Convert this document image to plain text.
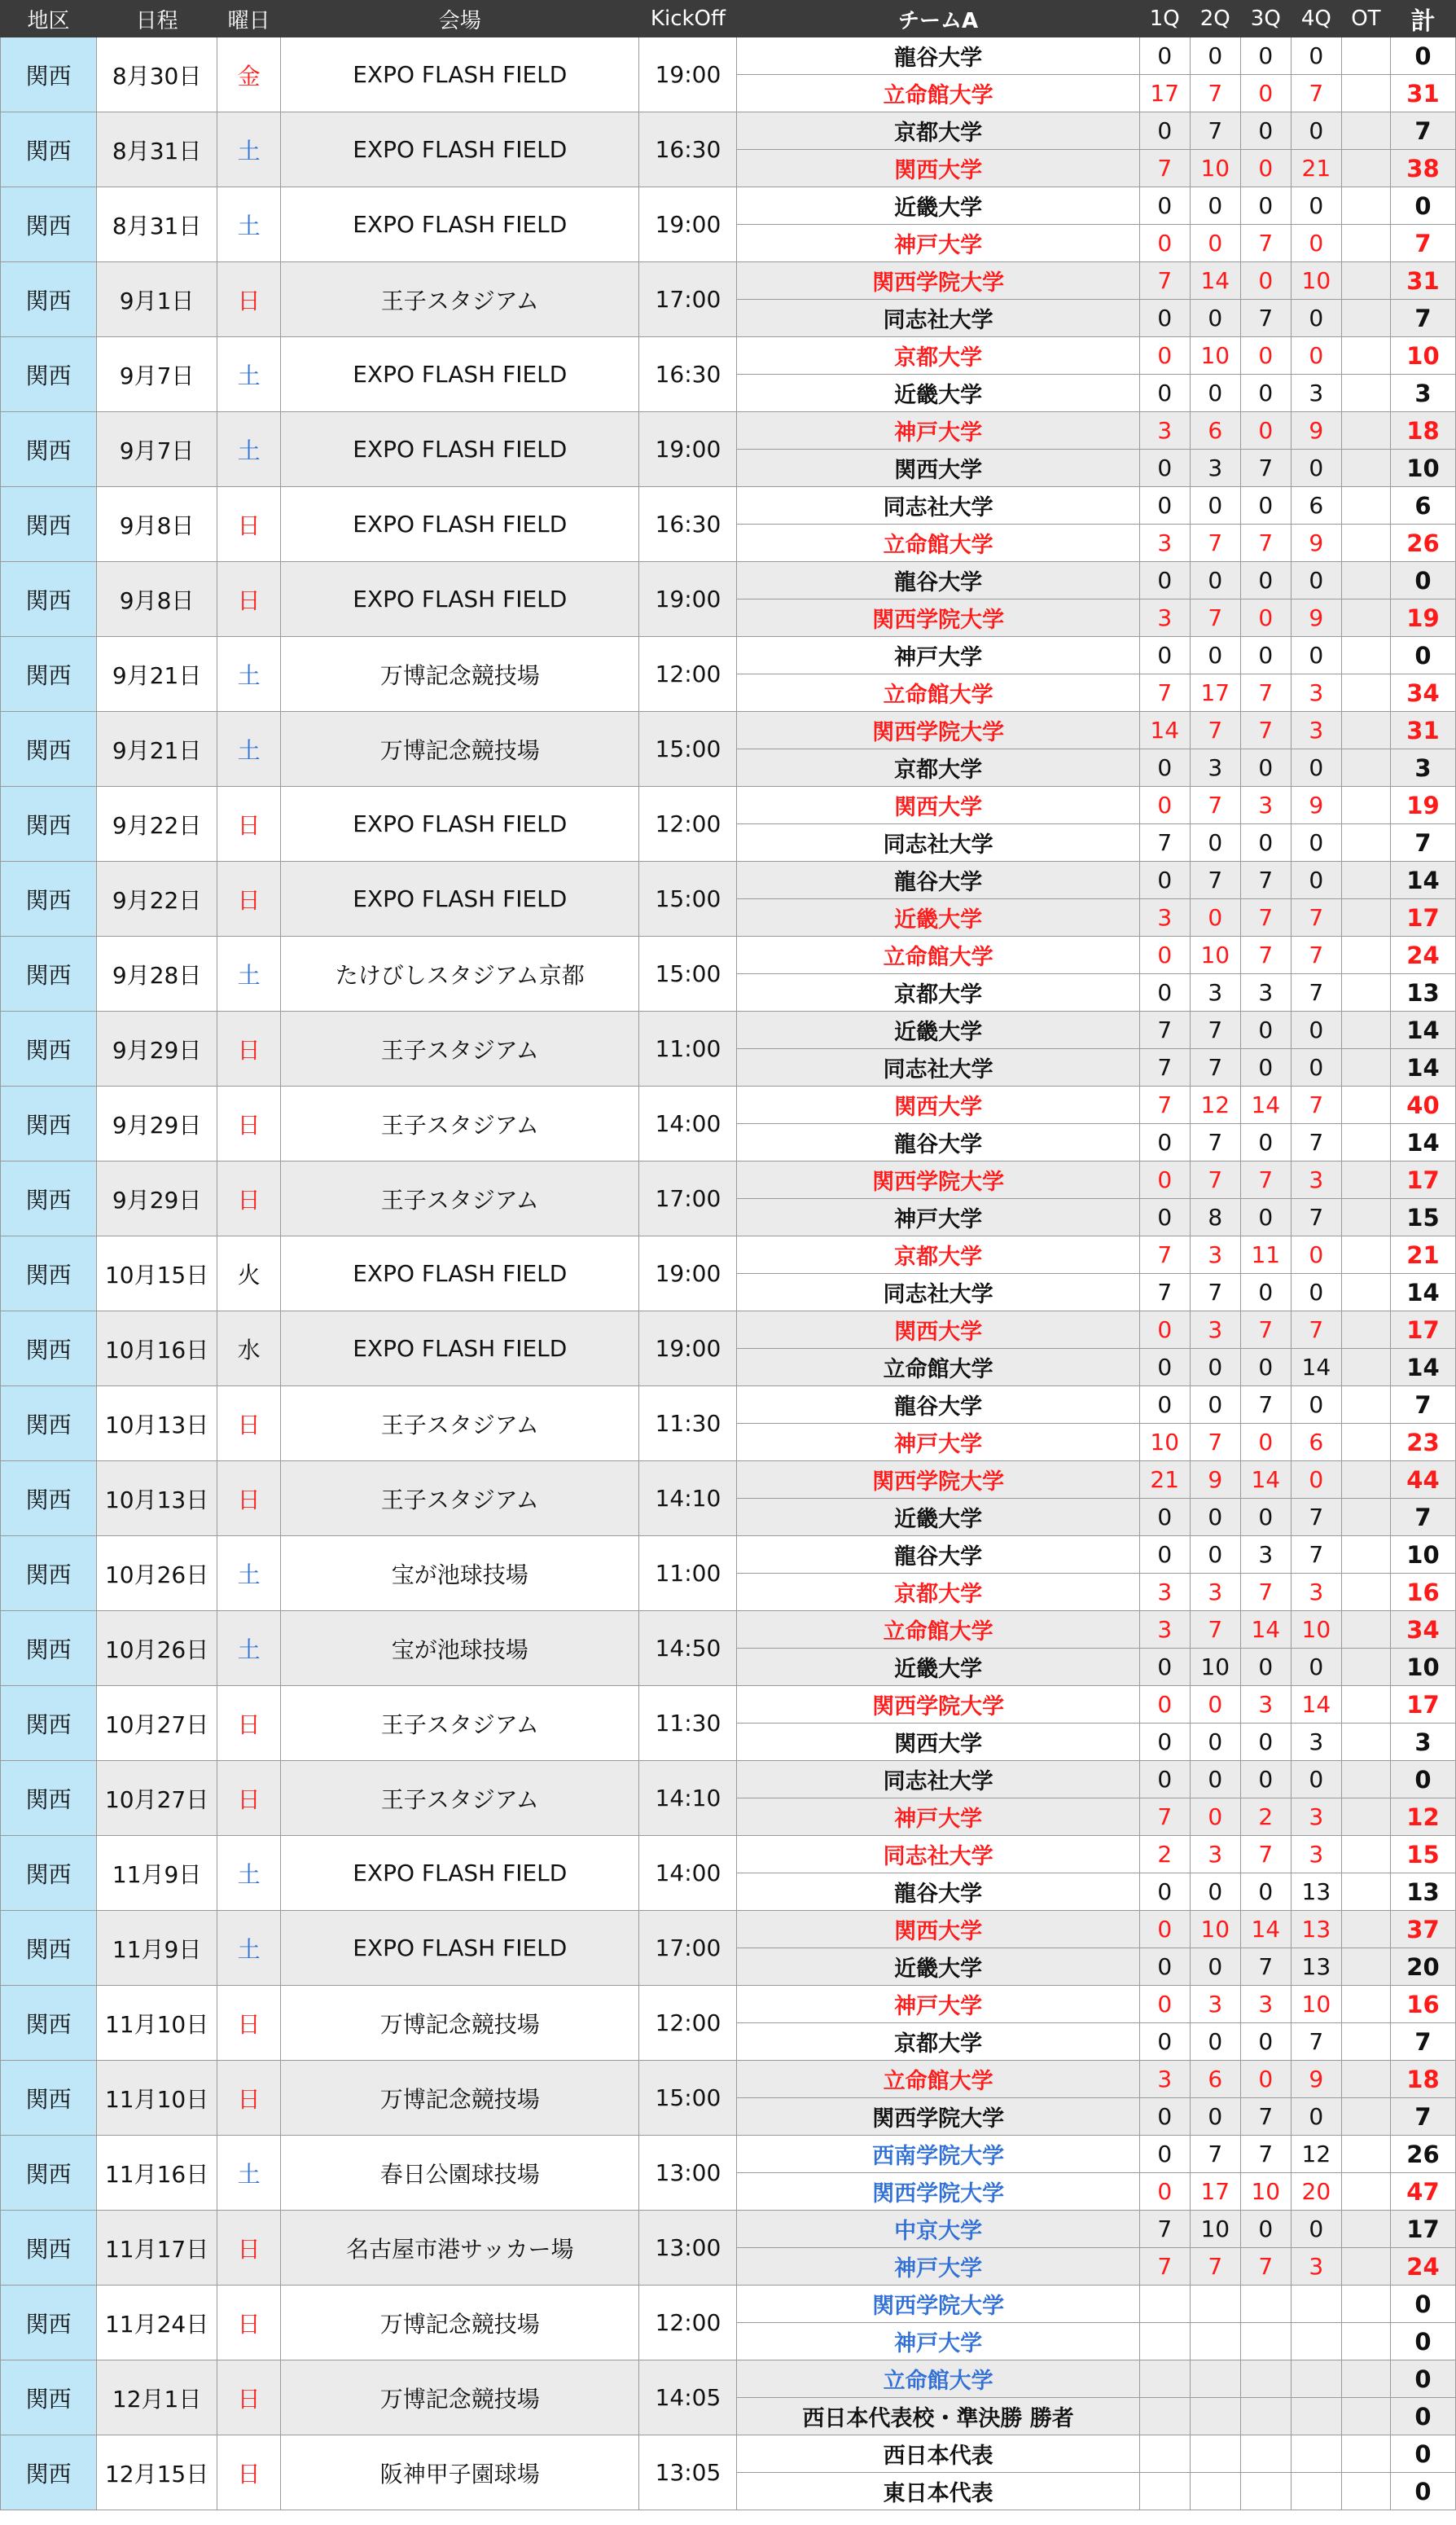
地区	日程	曜日	会場	KickOff	チームA	1Q	2Q	3Q	4Q	OT	計
関西	8月30日	金	EXPO FLASH FIELD	19:00	龍谷大学	0	0	0	0		0
					立命館大学	17	7	0	7		31
関西	8月31日	土	EXPO FLASH FIELD	16:30	京都大学	0	7	0	0		7
					関西大学	7	10	0	21		38
関西	8月31日	土	EXPO FLASH FIELD	19:00	近畿大学	0	0	0	0		0
					神戸大学	0	0	7	0		7
関西	9月1日	日	王子スタジアム	17:00	関西学院大学	7	14	0	10		31
					同志社大学	0	0	7	0		7
関西	9月7日	土	EXPO FLASH FIELD	16:30	京都大学	0	10	0	0		10
					近畿大学	0	0	0	3		3
関西	9月7日	土	EXPO FLASH FIELD	19:00	神戸大学	3	6	0	9		18
					関西大学	0	3	7	0		10
関西	9月8日	日	EXPO FLASH FIELD	16:30	同志社大学	0	0	0	6		6
					立命館大学	3	7	7	9		26
関西	9月8日	日	EXPO FLASH FIELD	19:00	龍谷大学	0	0	0	0		0
					関西学院大学	3	7	0	9		19
関西	9月21日	土	万博記念競技場	12:00	神戸大学	0	0	0	0		0
					立命館大学	7	17	7	3		34
関西	9月21日	土	万博記念競技場	15:00	関西学院大学	14	7	7	3		31
					京都大学	0	3	0	0		3
関西	9月22日	日	EXPO FLASH FIELD	12:00	関西大学	0	7	3	9		19
					同志社大学	7	0	0	0		7
関西	9月22日	日	EXPO FLASH FIELD	15:00	龍谷大学	0	7	7	0		14
					近畿大学	3	0	7	7		17
関西	9月28日	土	たけびしスタジアム京都	15:00	立命館大学	0	10	7	7		24
					京都大学	0	3	3	7		13
関西	9月29日	日	王子スタジアム	11:00	近畿大学	7	7	0	0		14
					同志社大学	7	7	0	0		14
関西	9月29日	日	王子スタジアム	14:00	関西大学	7	12	14	7		40
					龍谷大学	0	7	0	7		14
関西	9月29日	日	王子スタジアム	17:00	関西学院大学	0	7	7	3		17
					神戸大学	0	8	0	7		15
関西	10月15日	火	EXPO FLASH FIELD	19:00	京都大学	7	3	11	0		21
					同志社大学	7	7	0	0		14
関西	10月16日	水	EXPO FLASH FIELD	19:00	関西大学	0	3	7	7		17
					立命館大学	0	0	0	14		14
関西	10月13日	日	王子スタジアム	11:30	龍谷大学	0	0	7	0		7
					神戸大学	10	7	0	6		23
関西	10月13日	日	王子スタジアム	14:10	関西学院大学	21	9	14	0		44
					近畿大学	0	0	0	7		7
関西	10月26日	土	宝が池球技場	11:00	龍谷大学	0	0	3	7		10
					京都大学	3	3	7	3		16
関西	10月26日	土	宝が池球技場	14:50	立命館大学	3	7	14	10		34
					近畿大学	0	10	0	0		10
関西	10月27日	日	王子スタジアム	11:30	関西学院大学	0	0	3	14		17
					関西大学	0	0	0	3		3
関西	10月27日	日	王子スタジアム	14:10	同志社大学	0	0	0	0		0
					神戸大学	7	0	2	3		12
関西	11月9日	土	EXPO FLASH FIELD	14:00	同志社大学	2	3	7	3		15
					龍谷大学	0	0	0	13		13
関西	11月9日	土	EXPO FLASH FIELD	17:00	関西大学	0	10	14	13		37
					近畿大学	0	0	7	13		20
関西	11月10日	日	万博記念競技場	12:00	神戸大学	0	3	3	10		16
					京都大学	0	0	0	7		7
関西	11月10日	日	万博記念競技場	15:00	立命館大学	3	6	0	9		18
					関西学院大学	0	0	7	0		7
関西	11月16日	土	春日公園球技場	13:00	西南学院大学	0	7	7	12		26
					関西学院大学	0	17	10	20		47
関西	11月17日	日	名古屋市港サッカー場	13:00	中京大学	7	10	0	0		17
					神戸大学	7	7	7	3		24
関西	11月24日	日	万博記念競技場	12:00	関西学院大学						0
					神戸大学						0
関西	12月1日	日	万博記念競技場	14:05	立命館大学						0
					西日本代表校・準決勝 勝者						0
関西	12月15日	日	阪神甲子園球場	13:05	西日本代表						0
					東日本代表						0
